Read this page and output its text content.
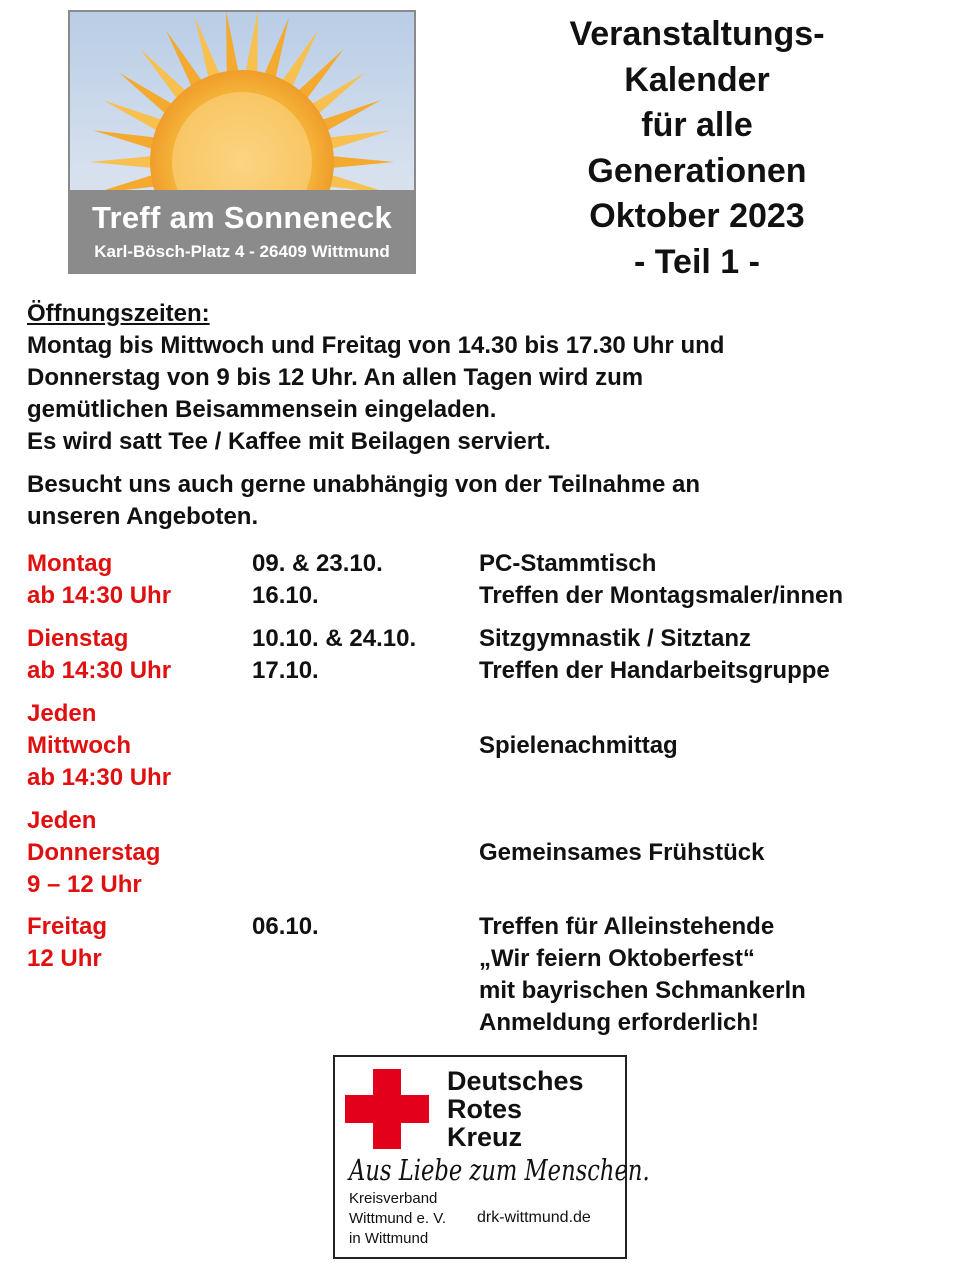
Treff am Sonneneck
Karl-Bösch-Platz 4 - 26409 Wittmund
Veranstaltungs-
Kalender
für alle
Generationen
Oktober 2023
- Teil 1 -

Öffnungszeiten:

Montag bis Mittwoch und Freitag von 14.30 bis 17.30 Uhr und

Donnerstag von 9 bis 12 Uhr. An allen Tagen wird zum

gemütlichen Beisammensein eingeladen.

Es wird satt Tee / Kaffee mit Beilagen serviert.

Besucht uns auch gerne unabhängig von der Teilnahme an

unseren Angeboten.

Montag
ab 14:30 Uhr
09. & 23.10.
16.10.
PC-Stammtisch
Treffen der Montagsmaler/innen
Dienstag
ab 14:30 Uhr
10.10. & 24.10.
17.10.
Sitzgymnastik / Sitztanz
Treffen der Handarbeitsgruppe
Jeden
Mittwoch
ab 14:30 Uhr
Spielenachmittag
Jeden
Donnerstag
9 – 12 Uhr
Gemeinsames Frühstück
Freitag
12 Uhr
06.10.	Treffen für Alleinstehende
„Wir feiern Oktoberfest“
mit bayrischen Schmankerln
Anmeldung erforderlich!
Deutsches
Rotes
Kreuz
Aus Liebe zum Menschen.
Kreisverband
Wittmund e. V.
in Wittmund
drk-wittmund.de
